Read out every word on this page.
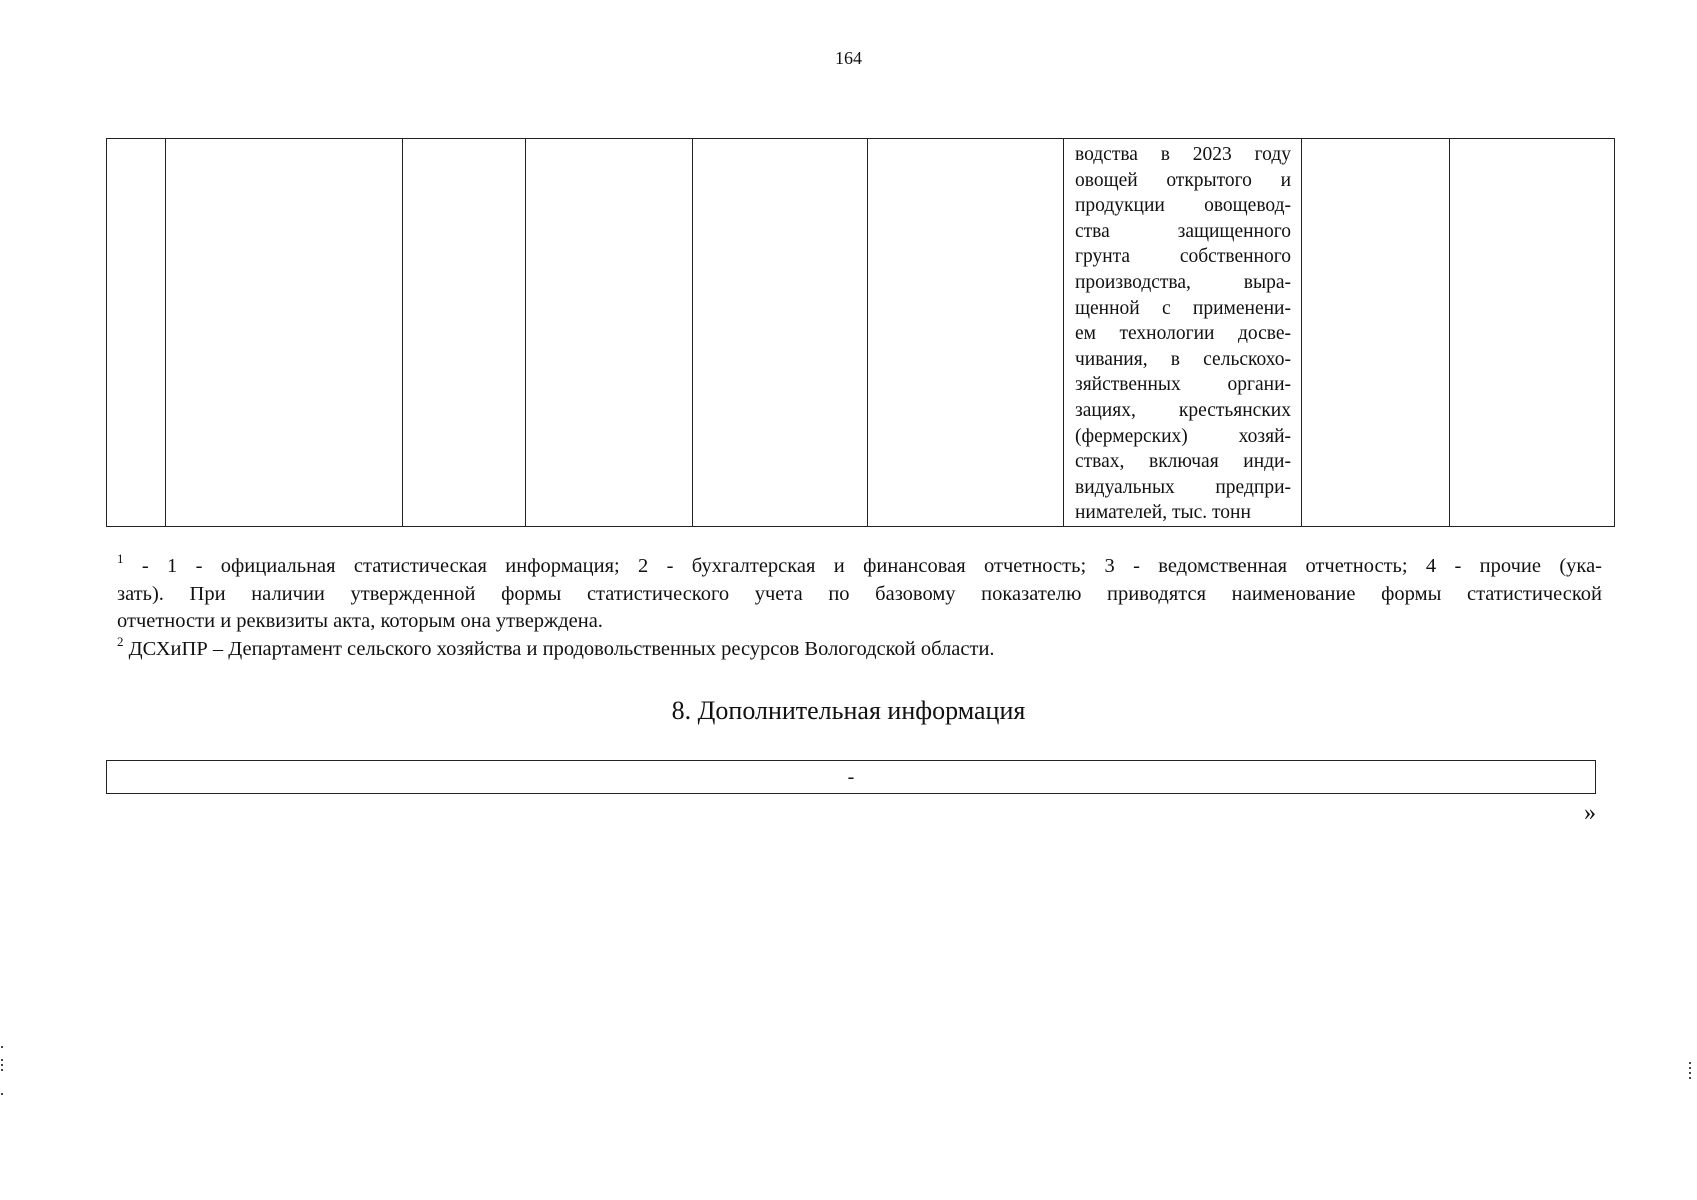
164

водства в 2023 году
овощей открытого и
продукции овощевод-
ства защищенного
грунта собственного
производства, выра-
щенной с применени-
ем технологии досве-
чивания, в сельскохо-
зяйственных органи-
зациях, крестьянских
(фермерских) хозяй-
ствах, включая инди-
видуальных предпри-
нимателей, тыс. тонн

$^1$ - 1 - официальная статистическая информация; 2 - бухгалтерская и финансовая отчетность; 3 - ведомственная отчетность; 4 - прочие (ука-
зать). При наличии утвержденной формы статистического учета по базовому показателю приводятся наименование формы статистической
отчетности и реквизиты акта, которым она утверждена.
$^2$ ДСХиПР – Департамент сельского хозяйства и продовольственных ресурсов Вологодской области.
8. Дополнительная информация
-
»
